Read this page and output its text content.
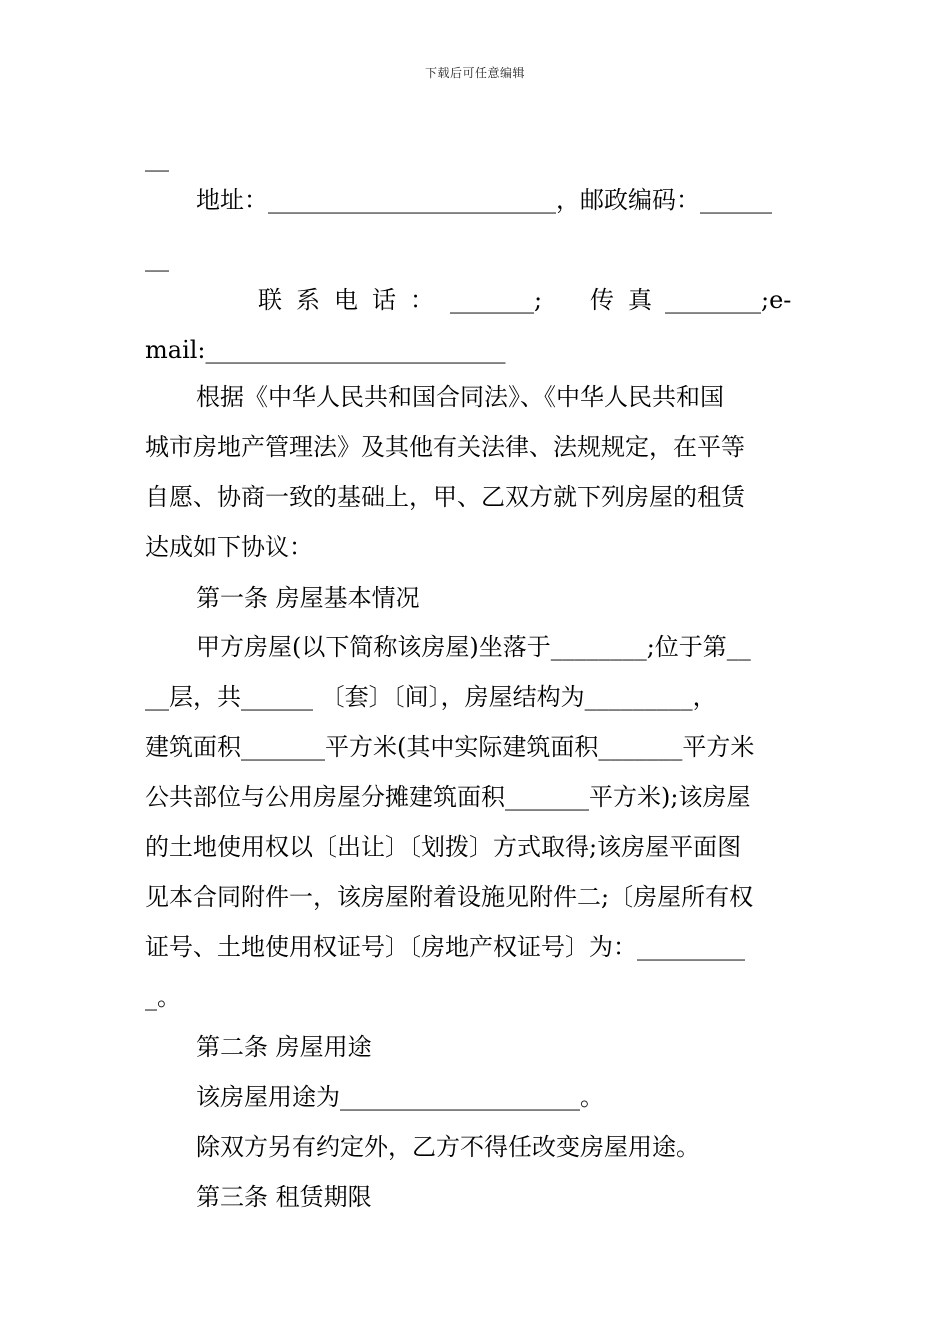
下载后可任意编辑
__
地址：________________________，邮政编码：______
__
联系电话： _______; 传真 ________;e-
mail:_________________________
根据《中华人民共和国合同法》、《中华人民共和国
城市房地产管理法》及其他有关法律、法规规定，在平等
自愿、协商一致的基础上，甲、乙双方就下列房屋的租赁
达成如下协议：
第一条 房屋基本情况
甲方房屋(以下简称该房屋)坐落于________;位于第__
__层，共______ 〔套〕〔间〕，房屋结构为_________，
建筑面积_______平方米(其中实际建筑面积_______平方米
公共部位与公用房屋分摊建筑面积_______平方米);该房屋
的土地使用权以〔出让〕〔划拨〕方式取得;该房屋平面图
见本合同附件一，该房屋附着设施见附件二;〔房屋所有权
证号、土地使用权证号〕〔房地产权证号〕为：_________
_。
第二条 房屋用途
该房屋用途为____________________。
除双方另有约定外，乙方不得任改变房屋用途。
第三条 租赁期限
